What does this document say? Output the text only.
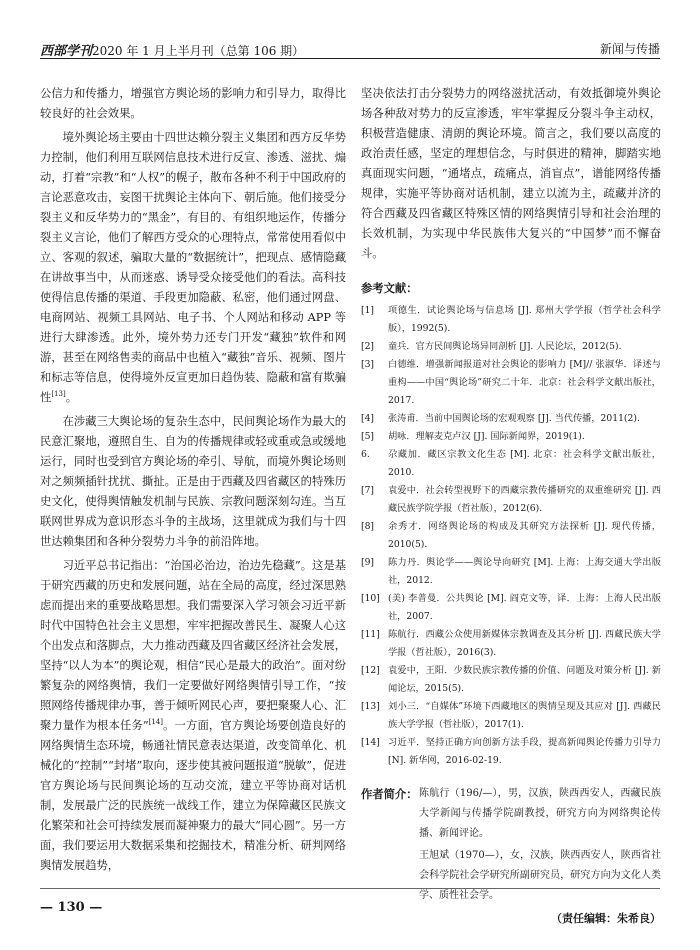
西部学刊2020 年 1 月上半月刊（总第 106 期）	新闻与传播

公信力和传播力，增强官方舆论场的影响力和引导力，取得比较良好的社会效果。

境外舆论场主要由十四世达赖分裂主义集团和西方反华势力控制，他们利用互联网信息技术进行反宣、渗透、滋扰、煽动，打着“宗教”和“人权”的幌子，散布各种不利于中国政府的言论恶意攻击，妄图干扰舆论主体向下、朝后施。他们接受分裂主义和反华势力的“黑金”，有目的、有组织地运作，传播分裂主义言论，他们了解西方受众的心理特点，常常使用看似中立、客观的叙述，骗取大量的“数据统计”，把现点、感情隐藏在讲故事当中，从而迷惑、诱导受众接受他们的看法。高科技使得信息传播的渠道、手段更加隐蔽、私密，他们通过网盘、电商网站、视频工具网站、电子书、个人网站和移动 APP 等进行大肆渗透。此外，境外势力还专门开发“藏独”软件和网游，甚至在网络售卖的商品中也植入“藏独”音乐、视频、图片和标志等信息，使得境外反宣更加日趋伪装、隐蔽和富有欺骗性[13]。

在涉藏三大舆论场的复杂生态中，民间舆论场作为最大的民意汇聚地，遵照自生、自为的传播规律或轻或重或急或缓地运行，同时也受到官方舆论场的牵引、导航，而境外舆论场则对之频频插针扰扰、撕扯。正是由于西藏及四省藏区的特殊历史文化，使得舆情触发机制与民族、宗教问题深刻勾连。当互联网世界成为意识形态斗争的主战场，这里就成为我们与十四世达赖集团和各种分裂势力斗争的前沿阵地。

习近平总书记指出：“治国必治边，治边先稳藏”。这是基于研究西藏的历史和发展问题，站在全局的高度，经过深思熟虑而提出来的重要战略思想。我们需要深入学习领会习近平新时代中国特色社会主义思想，牢牢把握改善民生、凝聚人心这个出发点和落脚点，大力推动西藏及四省藏区经济社会发展，坚持“以人为本”的舆论观，相信“民心是最大的政治”。面对纷繁复杂的网络舆情，我们一定要做好网络舆情引导工作，“按照网络传播规律办事，善于倾听网民心声，要把聚聚人心、汇聚力量作为根本任务”[14]。一方面，官方舆论场要创造良好的网络舆情生态环境，畅通社情民意表达渠道，改变简单化、机械化的“控制”“封堵”取向，逐步使其被问题报道“脱敏”，促进官方舆论场与民间舆论场的互动交流，建立平等协商对话机制，发展最广泛的民族统一战线工作，建立为保障藏区民族文化繁荣和社会可持续发展而凝神聚力的最大“同心圆”。另一方面，我们要运用大数据采集和挖掘技术，精准分析、研判网络舆情发展趋势，

坚决依法打击分裂势力的网络滋扰活动，有效抵御境外舆论场各种敌对势力的反宣渗透，牢牢掌握反分裂斗争主动权，积极营造健康、清朗的舆论环境。简言之，我们要以高度的政治责任感，坚定的理想信念，与时俱进的精神，脚踏实地真面现实问题，“通堵点，疏痛点，消盲点”，谱能网络传播规律，实施平等协商对话机制，建立以流为主，疏藏并济的符合西藏及四省藏区特殊区情的网络舆情引导和社会治理的长效机制，为实现中华民族伟大复兴的“中国梦”而不懈奋斗。

参考文献：
[1]	项德生．试论舆论场与信息场 [J]. 郑州大学学报（哲学社会科学版），1992(5).
[2]	童兵．官方民间舆论场异同剖析 [J]. 人民论坛，2012(5).
[3]	白德维．增强新闻报道对社会舆论的影响力 [M]// 张淑华．译述与重构——中国“舆论场”研究二十年．北京：社会科学文献出版社，2017.
[4]	张涛甫．当前中国舆论场的宏观观察 [J]. 当代传播，2011(2).
[5]	胡咏．理解麦克卢汉 [J]. 国际新闻界，2019(1).
6.	尕藏加．藏区宗教文化生态 [M]. 北京：社会科学文献出版社，2010.
[7]	袁爱中．社会转型视野下的西藏宗教传播研究的双重维研究 [J]. 西藏民族学院学报（哲社版），2012(6).
[8]	余秀才．网络舆论场的构成及其研究方法探析 [J]. 现代传播，2010(5).
[9]	陈力丹．舆论学——舆论导向研究 [M]. 上海：上海交通大学出版社，2012.
[10] (美) 李普曼．公共舆论 [M]. 阎克文等，译．上海：上海人民出版社，2007.
[11] 陈航行．西藏公众使用新媒体宗教调查及其分析 [J]. 西藏民族大学学报（哲社版），2016(3).
[12] 袁爱中，王阳．少数民族宗教传播的价值、问题及对策分析 [J]. 新闻论坛，2015(5).
[13] 刘小三．“自媒体”环境下西藏地区的舆情呈现及其应对 [J]. 西藏民族大学学报（哲社版），2017(1).
[14] 习近平．坚持正确方向创新方法手段，提高新闻舆论传播力引导力 [N]. 新华网，2016-02-19.
作者简介： 陈航行（196/—），男，汉族，陕西西安人，西藏民族大学新闻与传播学院副教授，研究方向为网络舆论传播、新闻评论。

王旭斌（1970—），女，汉族，陕西西安人，陕西省社会科学院社会学研究所副研究员，研究方向为文化人类学、质性社会学。

（责任编辑：朱希良）
— 130 —
